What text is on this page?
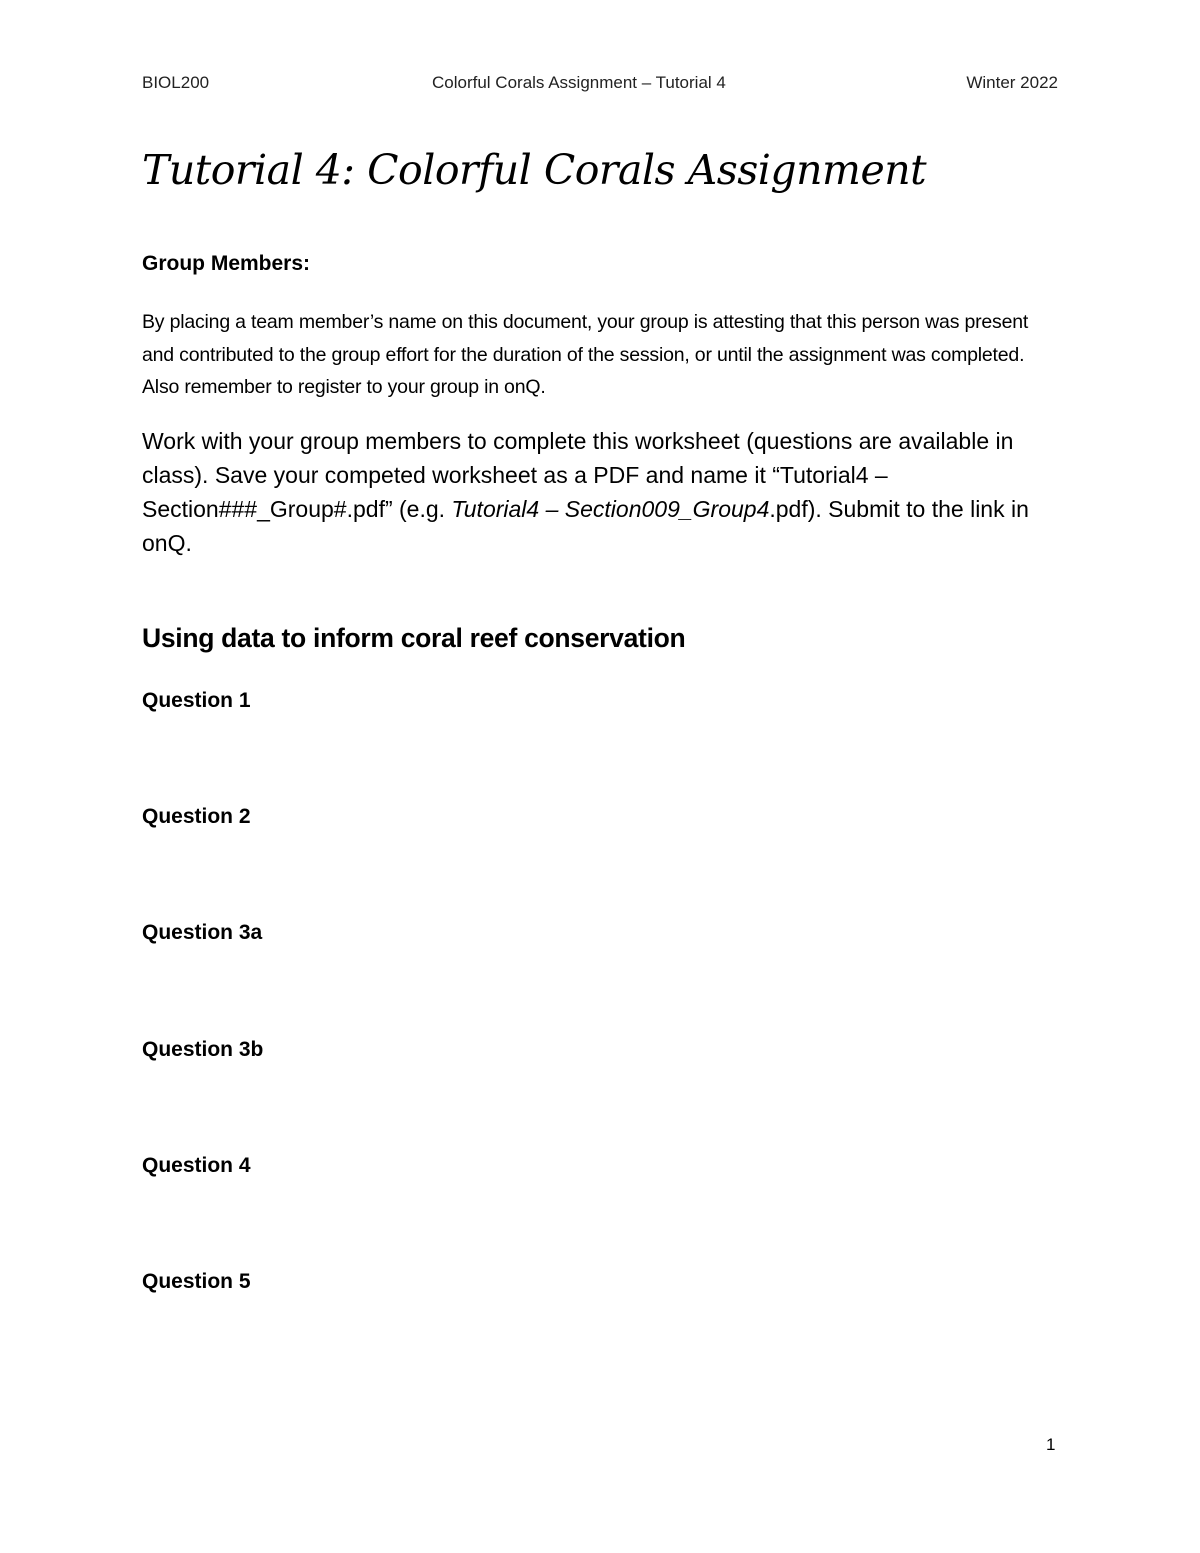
BIOL200	Colorful Corals Assignment – Tutorial 4	Winter 2022
Tutorial 4: Colorful Corals Assignment

Group Members:

By placing a team member’s name on this document, your group is attesting that this person was present and contributed to the group effort for the duration of the session, or until the assignment was completed. Also remember to register to your group in onQ.

Work with your group members to complete this worksheet (questions are available in class). Save your competed worksheet as a PDF and name it “Tutorial4 – Section###_Group#.pdf” (e.g. Tutorial4 – Section009_Group4.pdf). Submit to the link in onQ.

Using data to inform coral reef conservation
Question 1
Question 2
Question 3a
Question 3b
Question 4
Question 5
1
